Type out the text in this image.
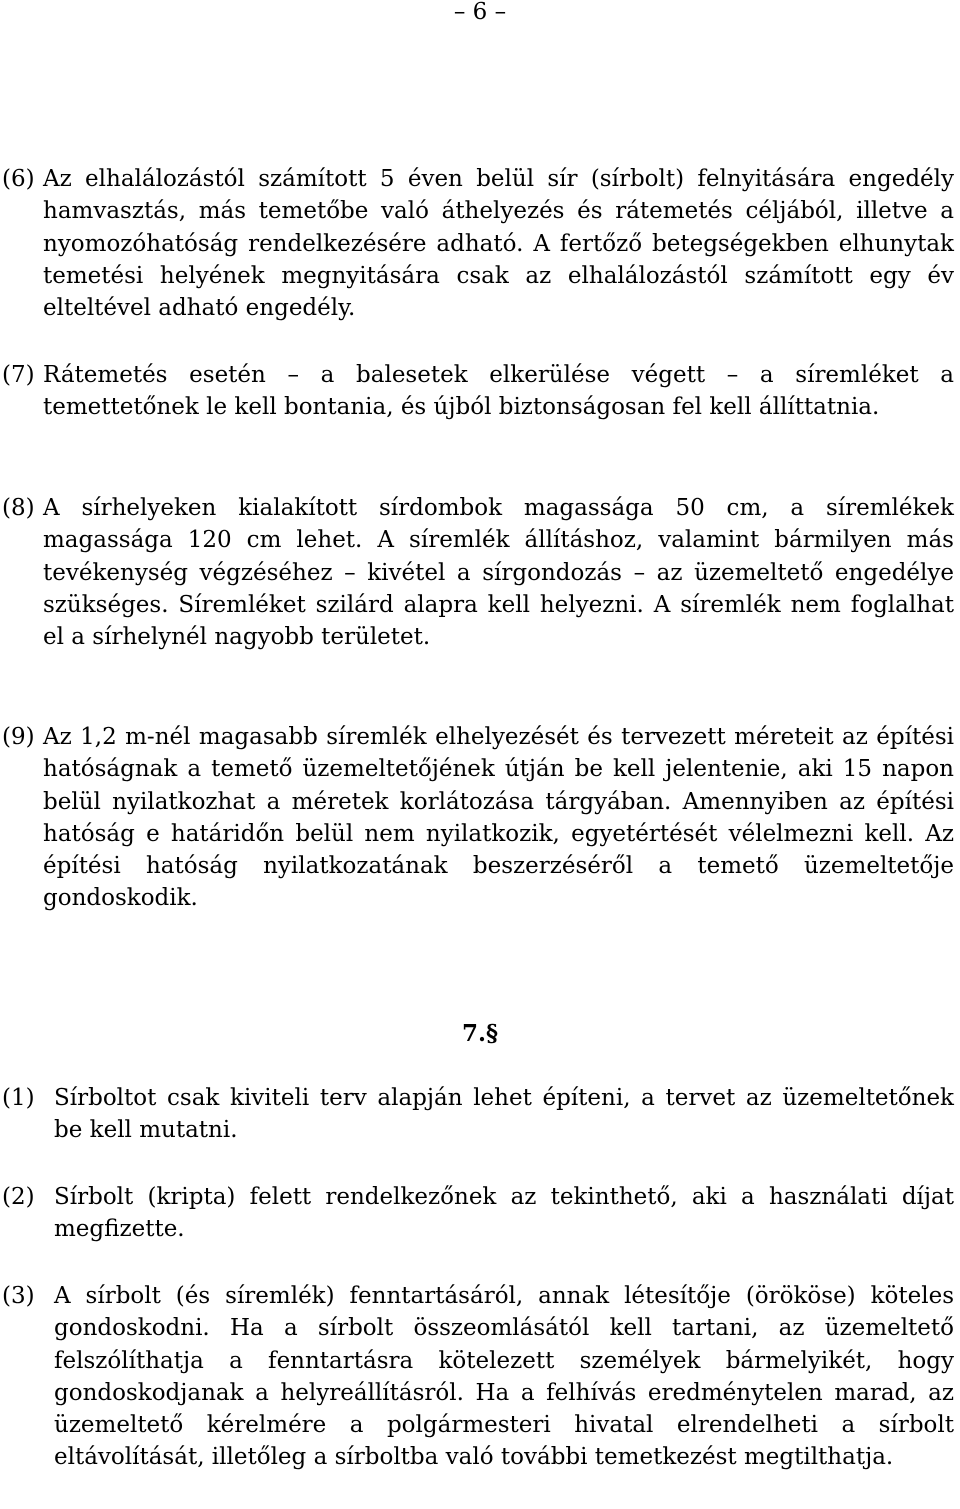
– 6 –
(6) Az elhalálozástól számított 5 éven belül sír (sírbolt) felnyitására engedély hamvasztás, más temetőbe való áthelyezés és rátemetés céljából, illetve a nyomozóhatóság rendelkezésére adható. A fertőző betegségekben elhunytak temetési helyének megnyitására csak az elhalálozástól számított egy év elteltével adható engedély.
(7) Rátemetés esetén – a balesetek elkerülése végett – a síremléket a temettetőnek le kell bontania, és újból biztonságosan fel kell állíttatnia.
(8) A sírhelyeken kialakított sírdombok magassága 50 cm, a síremlékek magassága 120 cm lehet. A síremlék állításhoz, valamint bármilyen más tevékenység végzéséhez – kivétel a sírgondozás – az üzemeltető engedélye szükséges. Síremléket szilárd alapra kell helyezni. A síremlék nem foglalhat el a sírhelynél nagyobb területet.
(9) Az 1,2 m-nél magasabb síremlék elhelyezését és tervezett méreteit az építési hatóságnak a temető üzemeltetőjének útján be kell jelentenie, aki 15 napon belül nyilatkozhat a méretek korlátozása tárgyában. Amennyiben az építési hatóság e határidőn belül nem nyilatkozik, egyetértését vélelmezni kell. Az építési hatóság nyilatkozatának beszerzéséről a temető üzemeltetője gondoskodik.
7.§
(1) Sírboltot csak kiviteli terv alapján lehet építeni, a tervet az üzemeltetőnek be kell mutatni.
(2) Sírbolt (kripta) felett rendelkezőnek az tekinthető, aki a használati díjat megfizette.
(3) A sírbolt (és síremlék) fenntartásáról, annak létesítője (örököse) köteles gondoskodni. Ha a sírbolt összeomlásától kell tartani, az üzemeltető felszólíthatja a fenntartásra kötelezett személyek bármelyikét, hogy gondoskodjanak a helyreállításról. Ha a felhívás eredménytelen marad, az üzemeltető kérelmére a polgármesteri hivatal elrendelheti a sírbolt eltávolítását, illetőleg a sírboltba való további temetkezést megtilthatja.
